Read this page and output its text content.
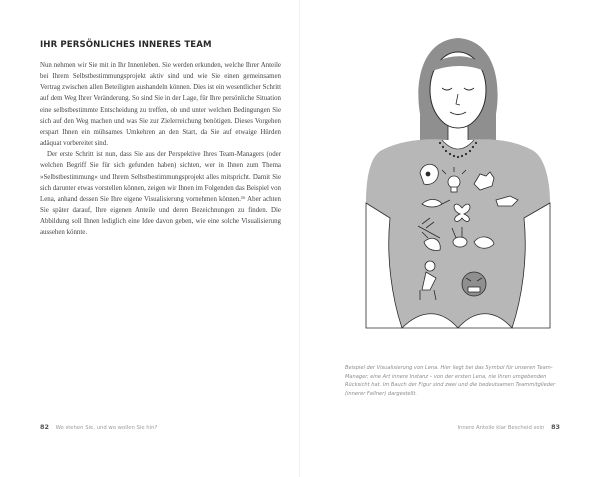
IHR PERSÖNLICHES INNERES TEAM

Nun nehmen wir Sie mit in Ihr Innenleben. Sie werden erkunden, welche Ihrer Anteile bei Ihrem Selbstbestimmungsprojekt aktiv sind und wie Sie einen gemeinsamen Vertrag zwischen allen Beteiligten aushandeln können. Dies ist ein wesentlicher Schritt auf dem Weg Ihrer Veränderung. So sind Sie in der Lage, für Ihre persönliche Situation eine selbstbestimmte Entscheidung zu treffen, ob und unter welchen Bedingungen Sie sich auf den Weg machen und was Sie zur Zielerreichung benötigen. Dieses Vorgehen erspart Ihnen ein mühsames Umkehren an den Start, da Sie auf etwaige Hürden adäquat vorbereitet sind.

Der erste Schritt ist nun, dass Sie aus der Perspektive Ihres Team-Managers (oder welchen Begriff Sie für sich gefunden haben) sichten, wer in Ihnen zum Thema »Selbstbestimmung« und Ihrem Selbstbestimmungsprojekt alles mitspricht. Damit Sie sich darunter etwas vorstellen können, zeigen wir Ihnen im Folgenden das Beispiel von Lena, anhand dessen Sie Ihre eigene Visualisierung vornehmen können.¹⁶ Aber achten Sie später darauf, Ihre eigenen Anteile und deren Bezeichnungen zu finden. Die Abbildung soll Ihnen lediglich eine Idee davon geben, wie eine solche Visualisierung aussehen könnte.

82 Wo stehen Sie, und wo wollen Sie hin?
Beispiel der Visualisierung von Lena. Hier liegt bei das Symbol für unseren Team-Manager, eine Art innere Instanz – von der ersten Lena, nie Ihren umgebenden Rücksicht hat. Im Bauch der Figur sind zwei und die bedeutsamen Teammitglieder (innerer Fellner) dargestellt.
Innere Anteile klar Bescheid sein 83
